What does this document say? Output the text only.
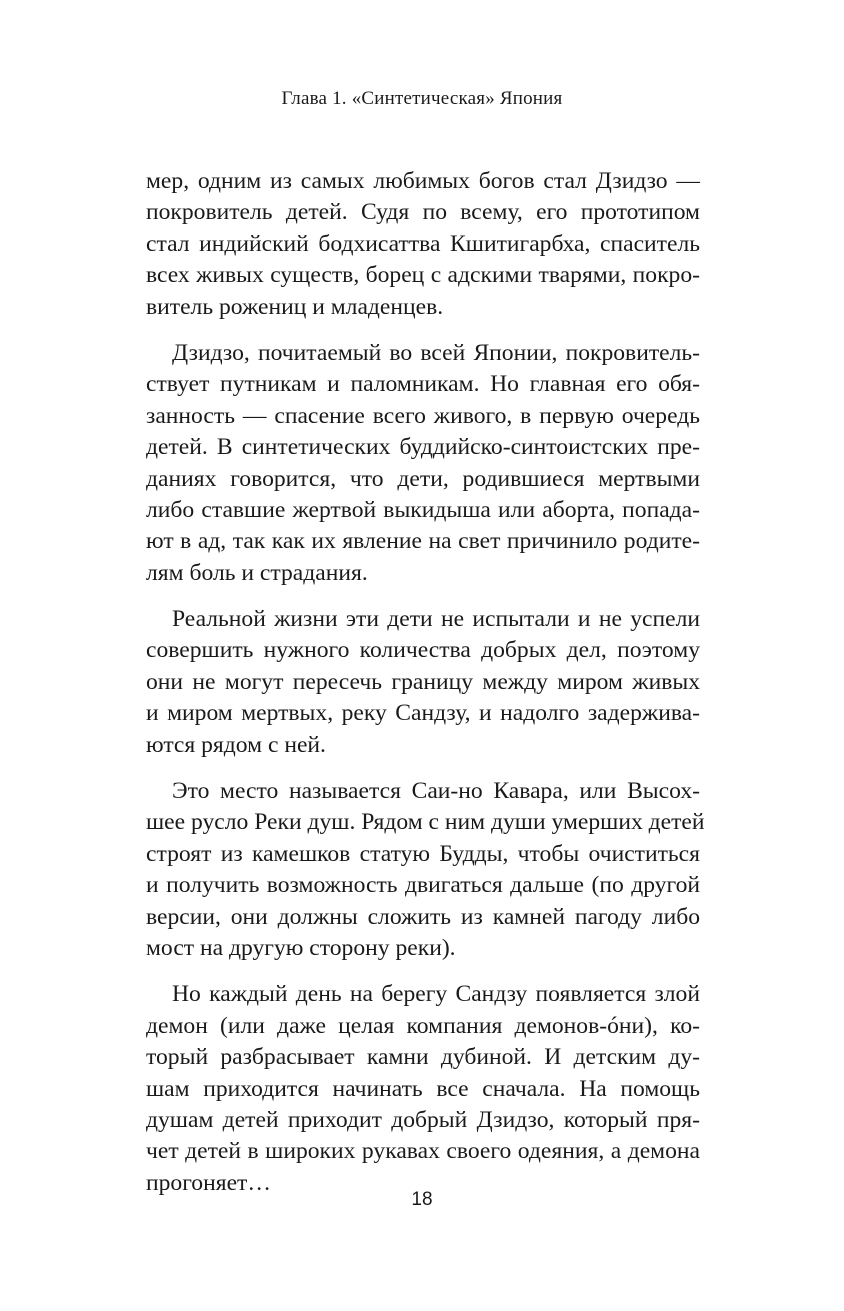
Глава 1. «Синтетическая» Япония
мер, одним из самых любимых богов стал Дзидзо —
покровитель детей. Судя по всему, его прототипом
стал индийский бодхисаттва Кшитигарбха, спаситель
всех живых существ, борец с адскими тварями, покро-
витель рожениц и младенцев.
Дзидзо, почитаемый во всей Японии, покровитель-
ствует путникам и паломникам. Но главная его обя-
занность — спасение всего живого, в первую очередь
детей. В синтетических буддийско-синтоистских пре-
даниях говорится, что дети, родившиеся мертвыми
либо ставшие жертвой выкидыша или аборта, попада-
ют в ад, так как их явление на свет причинило родите-
лям боль и страдания.
Реальной жизни эти дети не испытали и не успели
совершить нужного количества добрых дел, поэтому
они не могут пересечь границу между миром живых
и миром мертвых, реку Сандзу, и надолго задержива-
ются рядом с ней.
Это место называется Саи-но Кавара, или Высох-
шее русло Реки душ. Рядом с ним души умерших детей
строят из камешков статую Будды, чтобы очиститься
и получить возможность двигаться дальше (по другой
версии, они должны сложить из камней пагоду либо
мост на другую сторону реки).
Но каждый день на берегу Сандзу появляется злой
демон (или даже целая компания демонов-óни), ко-
торый разбрасывает камни дубиной. И детским ду-
шам приходится начинать все сначала. На помощь
душам детей приходит добрый Дзидзо, который пря-
чет детей в широких рукавах своего одеяния, а демона
прогоняет…
18
